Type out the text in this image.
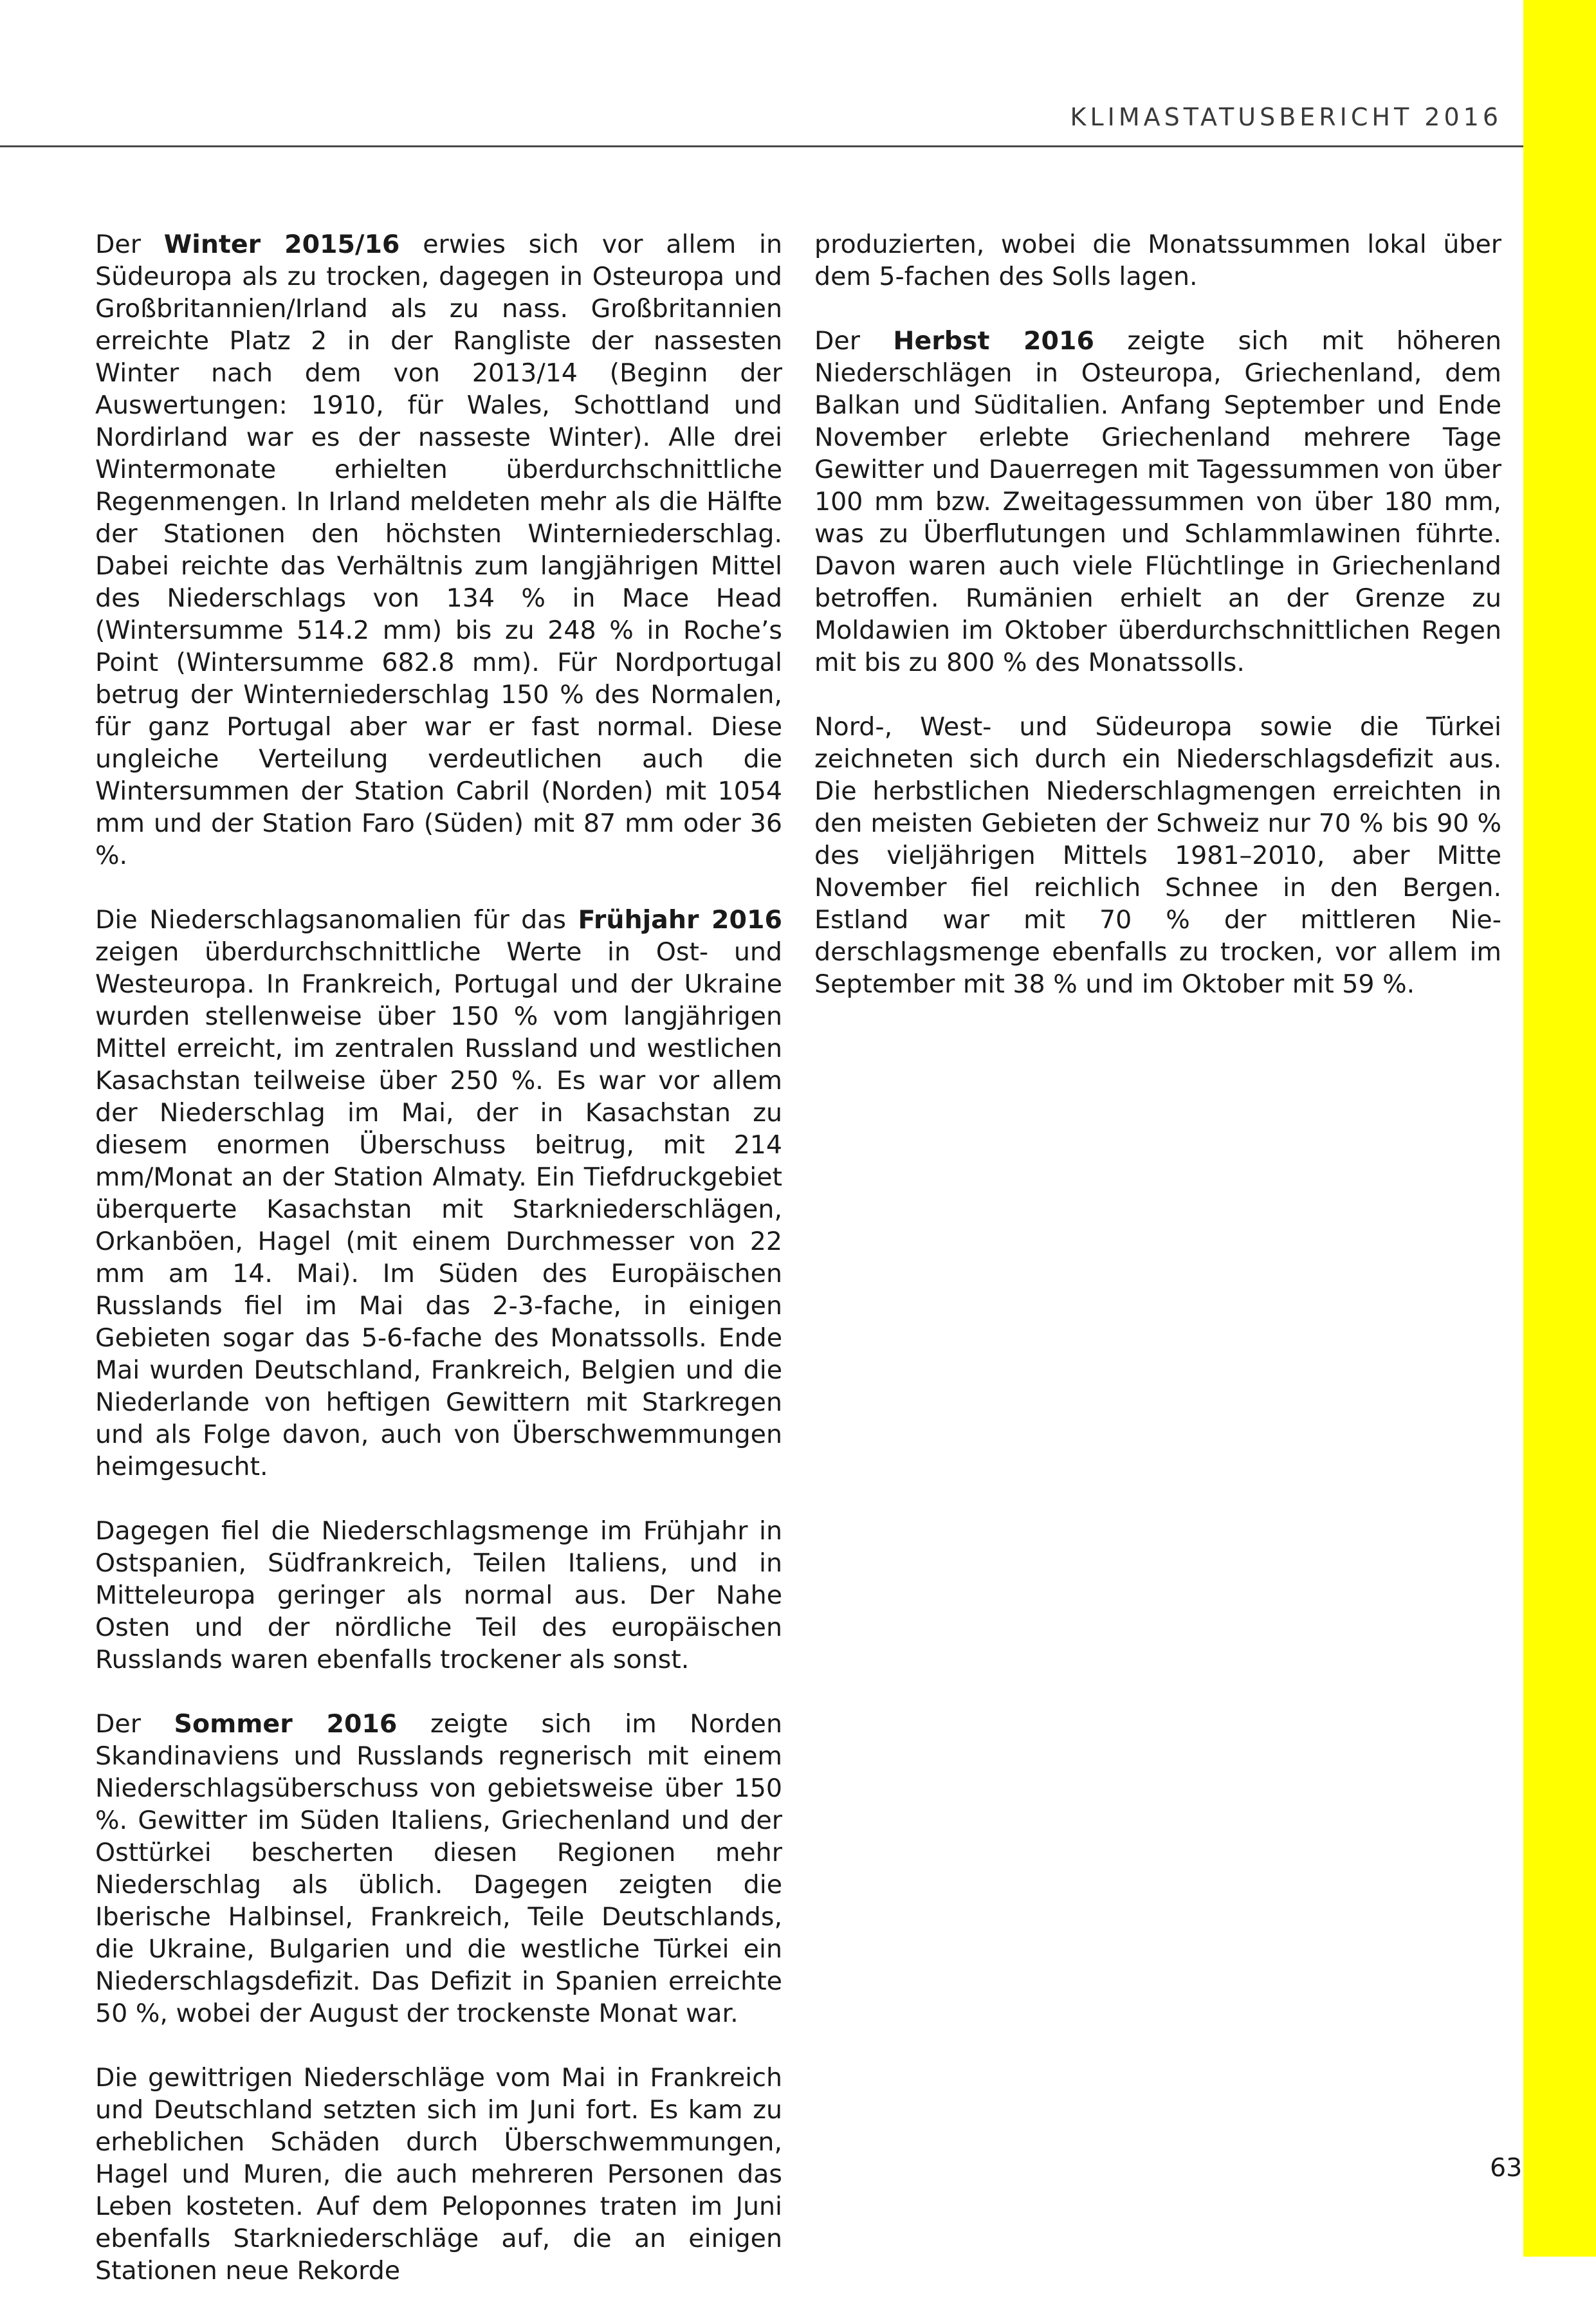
KLIMASTATUSBERICHT 2016

Der Winter 2015/16 erwies sich vor allem in Südeuropa als zu trocken, dagegen in Osteuropa und Großbritannien/Irland als zu nass. Großbritannien erreichte Platz 2 in der Rangliste der nassesten Winter nach dem von 2013/14 (Beginn der Auswertungen: 1910, für Wales, Schottland und Nordirland war es der nasseste Winter). Alle drei Wintermonate erhielten überdurchschnittliche Regenmengen. In Irland meldeten mehr als die Hälfte der Stationen den höchsten Winterniederschlag. Dabei reichte das Verhältnis zum langjährigen Mittel des Niederschlags von 134 % in Mace Head (Wintersumme 514.2 mm) bis zu 248 % in Roche’s Point (Wintersumme 682.8 mm). Für Nordportugal betrug der Winterniederschlag 150 % des Normalen, für ganz Portugal aber war er fast normal. Diese ungleiche Verteilung verdeutlichen auch die Wintersummen der Station Cabril (Norden) mit 1054 mm und der Station Faro (Süden) mit 87 mm oder 36 %.

Die Niederschlagsanomalien für das Frühjahr 2016 zeigen überdurchschnittliche Werte in Ost- und Westeuropa. In Frankreich, Portugal und der Ukraine wurden stellenweise über 150 % vom langjährigen Mittel erreicht, im zentralen Russland und westlichen Kasachstan teilweise über 250 %. Es war vor allem der Niederschlag im Mai, der in Kasachstan zu diesem enormen Überschuss beitrug, mit 214 mm/Monat an der Station Almaty. Ein Tiefdruckgebiet überquerte Kasachstan mit Starkniederschlägen, Orkanböen, Hagel (mit einem Durchmesser von 22 mm am 14. Mai). Im Süden des Europäischen Russlands fiel im Mai das 2-3-fache, in einigen Gebieten sogar das 5-6-fache des Monatssolls. Ende Mai wurden Deutschland, Frankreich, Belgien und die Niederlande von heftigen Gewittern mit Starkregen und als Folge davon, auch von Überschwemmungen heimgesucht.

Dagegen fiel die Niederschlagsmenge im Frühjahr in Ostspanien, Südfrankreich, Teilen Italiens, und in Mitteleuropa geringer als normal aus. Der Nahe Osten und der nördliche Teil des europäischen Russlands waren ebenfalls trockener als sonst.

Der Sommer 2016 zeigte sich im Norden Skandinaviens und Russlands regnerisch mit einem Niederschlagsüberschuss von gebietsweise über 150 %. Gewitter im Süden Italiens, Griechenland und der Osttürkei bescherten diesen Regionen mehr Niederschlag als üblich. Dagegen zeigten die Iberische Halbinsel, Frankreich, Teile Deutschlands, die Ukraine, Bulgarien und die westliche Türkei ein Niederschlagsdefizit. Das Defizit in Spanien erreichte 50 %, wobei der August der trockenste Monat war.

Die gewittrigen Niederschläge vom Mai in Frankreich und Deutschland setzten sich im Juni fort. Es kam zu erheblichen Schäden durch Überschwemmungen, Hagel und Muren, die auch mehreren Personen das Leben kosteten. Auf dem Peloponnes traten im Juni ebenfalls Starkniederschläge auf, die an einigen Stationen neue Rekorde

produzierten, wobei die Monatssummen lokal über dem 5-fachen des Solls lagen.

Der Herbst 2016 zeigte sich mit höheren Niederschlägen in Osteuropa, Griechenland, dem Balkan und Süditalien. Anfang September und Ende November erlebte Griechenland mehrere Tage Gewitter und Dauerregen mit Tagessummen von über 100 mm bzw. Zweitagessummen von über 180 mm, was zu Überflutungen und Schlammlawinen führte. Davon waren auch viele Flüchtlinge in Griechenland betroffen. Rumänien erhielt an der Grenze zu Moldawien im Oktober überdurchschnittlichen Regen mit bis zu 800 % des Monatssolls.

Nord-, West- und Südeuropa sowie die Türkei zeichneten sich durch ein Niederschlagsdefizit aus. Die herbstlichen Niederschlagmengen erreichten in den meisten Gebieten der Schweiz nur 70 % bis 90 % des vieljährigen Mittels 1981–2010, aber Mitte November fiel reichlich Schnee in den Bergen. Estland war mit 70 % der mittleren Niederschlagsmenge ebenfalls zu trocken, vor allem im September mit 38 % und im Oktober mit 59 %.

63
